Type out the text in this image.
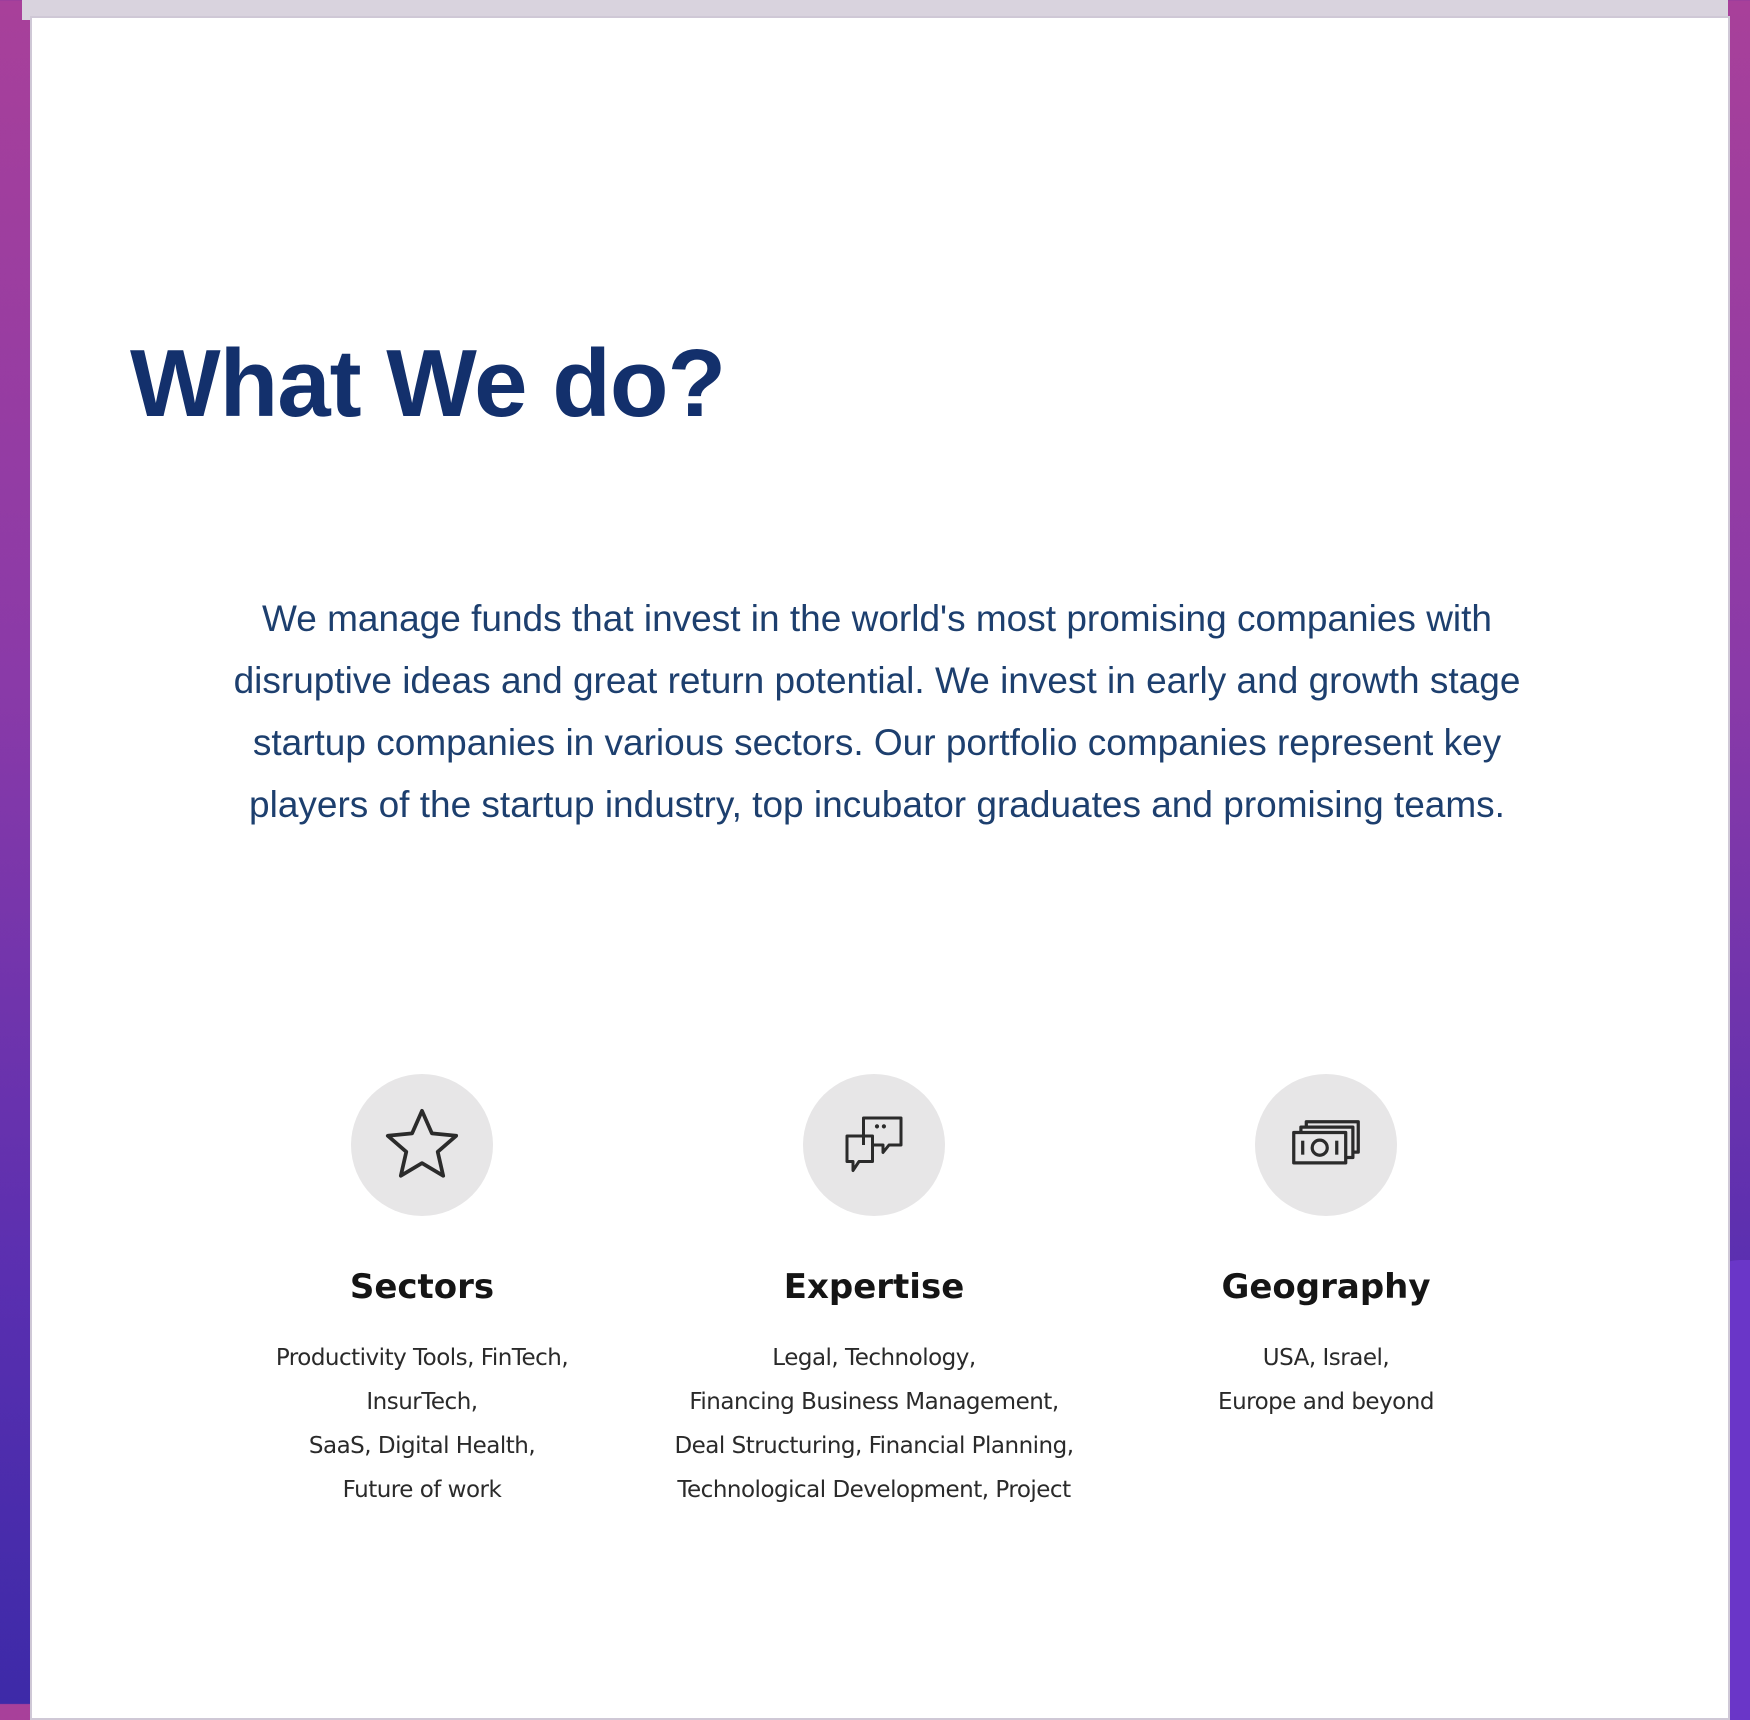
What We do?

We manage funds that invest in the world's most promising companies with
disruptive ideas and great return potential. We invest in early and growth stage
startup companies in various sectors. Our portfolio companies represent key
players of the startup industry, top incubator graduates and promising teams.

Sectors
Productivity Tools, FinTech,
InsurTech,
SaaS, Digital Health,
Future of work
Expertise
Legal, Technology,
Financing Business Management,
Deal Structuring, Financial Planning,
Technological Development, Project
Geography
USA, Israel,
Europe and beyond
